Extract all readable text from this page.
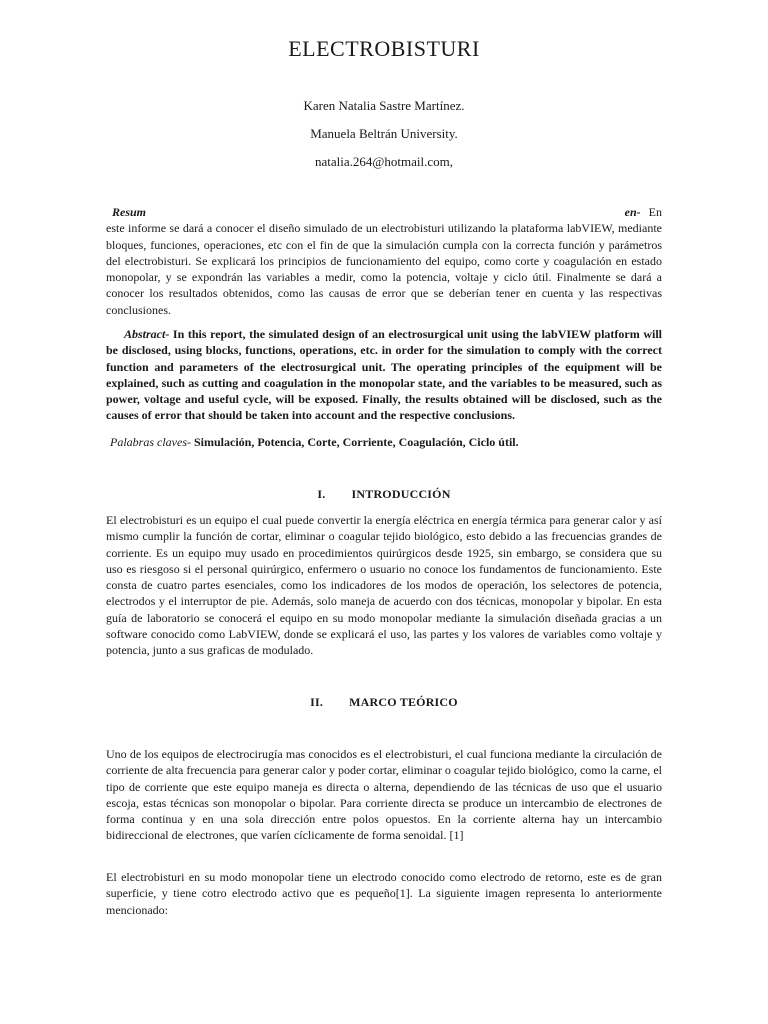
ELECTROBISTURI
Karen Natalia Sastre Martínez.
Manuela Beltrán University.
natalia.264@hotmail.com,
Resum	en- En
este informe se dará a conocer el diseño simulado de un electrobisturi utilizando la plataforma labVIEW, mediante bloques, funciones, operaciones, etc con el fin de que la simulación cumpla con la correcta función y parámetros del electrobisturi. Se explicará los principios de funcionamiento del equipo, como corte y coagulación en estado monopolar, y se expondrán las variables a medir, como la potencia, voltaje y ciclo útil. Finalmente se dará a conocer los resultados obtenidos, como las causas de error que se deberían tener en cuenta y las respectivas conclusiones.
Abstract- In this report, the simulated design of an electrosurgical unit using the labVIEW platform will be disclosed, using blocks, functions, operations, etc. in order for the simulation to comply with the correct function and parameters of the electrosurgical unit. The operating principles of the equipment will be explained, such as cutting and coagulation in the monopolar state, and the variables to be measured, such as power, voltage and useful cycle, will be exposed. Finally, the results obtained will be disclosed, such as the causes of error that should be taken into account and the respective conclusions.
Palabras claves- Simulación, Potencia, Corte, Corriente, Coagulación, Ciclo útil.
I. INTRODUCCIÓN
El electrobisturi es un equipo el cual puede convertir la energía eléctrica en energía térmica para generar calor y así mismo cumplir la función de cortar, eliminar o coagular tejido biológico, esto debido a las frecuencias grandes de corriente. Es un equipo muy usado en procedimientos quirúrgicos desde 1925, sin embargo, se considera que su uso es riesgoso si el personal quirúrgico, enfermero o usuario no conoce los fundamentos de funcionamiento. Este consta de cuatro partes esenciales, como los indicadores de los modos de operación, los selectores de potencia, electrodos y el interruptor de pie. Además, solo maneja de acuerdo con dos técnicas, monopolar y bipolar. En esta guía de laboratorio se conocerá el equipo en su modo monopolar mediante la simulación diseñada gracias a un software conocido como LabVIEW, donde se explicará el uso, las partes y los valores de variables como voltaje y potencia, junto a sus graficas de modulado.
II. MARCO TEÓRICO
Uno de los equipos de electrocirugía mas conocidos es el electrobisturi, el cual funciona mediante la circulación de corriente de alta frecuencia para generar calor y poder cortar, eliminar o coagular tejido biológico, como la carne, el tipo de corriente que este equipo maneja es directa o alterna, dependiendo de las técnicas de uso que el usuario escoja, estas técnicas son monopolar o bipolar. Para corriente directa se produce un intercambio de electrones de forma continua y en una sola dirección entre polos opuestos. En la corriente alterna hay un intercambio bidireccional de electrones, que varíen cíclicamente de forma senoidal. [1]
El electrobisturi en su modo monopolar tiene un electrodo conocido como electrodo de retorno, este es de gran superficie, y tiene cotro electrodo activo que es pequeño[1]. La siguiente imagen representa lo anteriormente mencionado:
